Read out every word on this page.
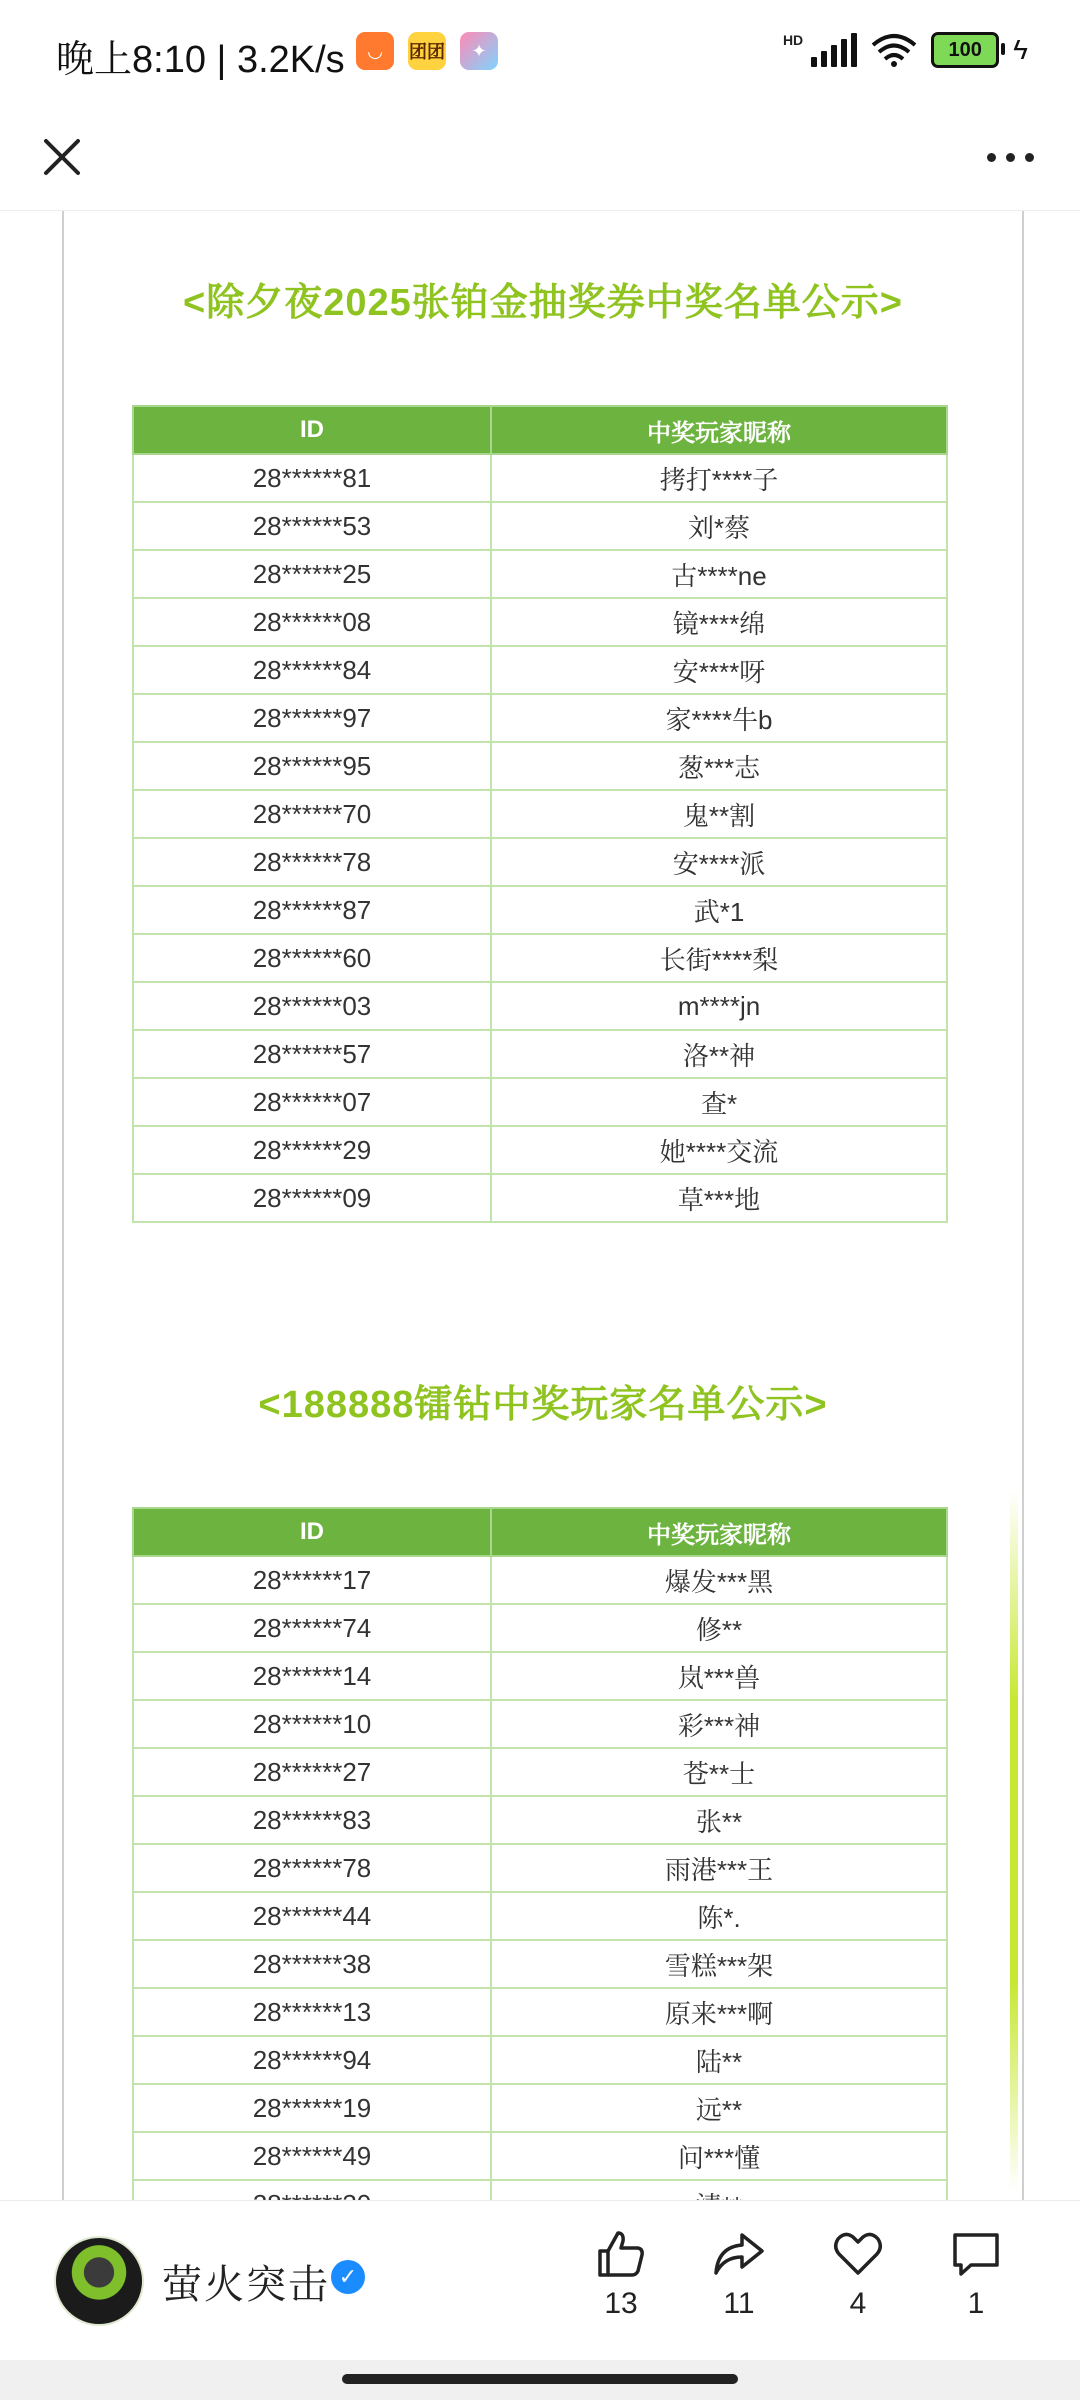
晚上8:10 | 3.2K/s	◡	团团	✦
HD	100 ϟ
<除夕夜2025张铂金抽奖券中奖名单公示>
ID	中奖玩家昵称
28******81	拷打****子
28******53	刘*蔡
28******25	古****ne
28******08	镜****绵
28******84	安****呀
28******97	家****牛b
28******95	葱***志
28******70	鬼**割
28******78	安****派
28******87	武*1
28******60	长街****梨
28******03	m****jn
28******57	洛**神
28******07	查*
28******29	她****交流
28******09	草***地
<188888镭钻中奖玩家名单公示>
ID	中奖玩家昵称
28******17	爆发***黑
28******74	修**
28******14	岚***兽
28******10	彩***神
28******27	苍**士
28******83	张**
28******78	雨港***王
28******44	陈*.
28******38	雪糕***架
28******13	原来***啊
28******94	陆**
28******19	远**
28******49	问***懂

萤火突击 ✓
13	11	4	1
